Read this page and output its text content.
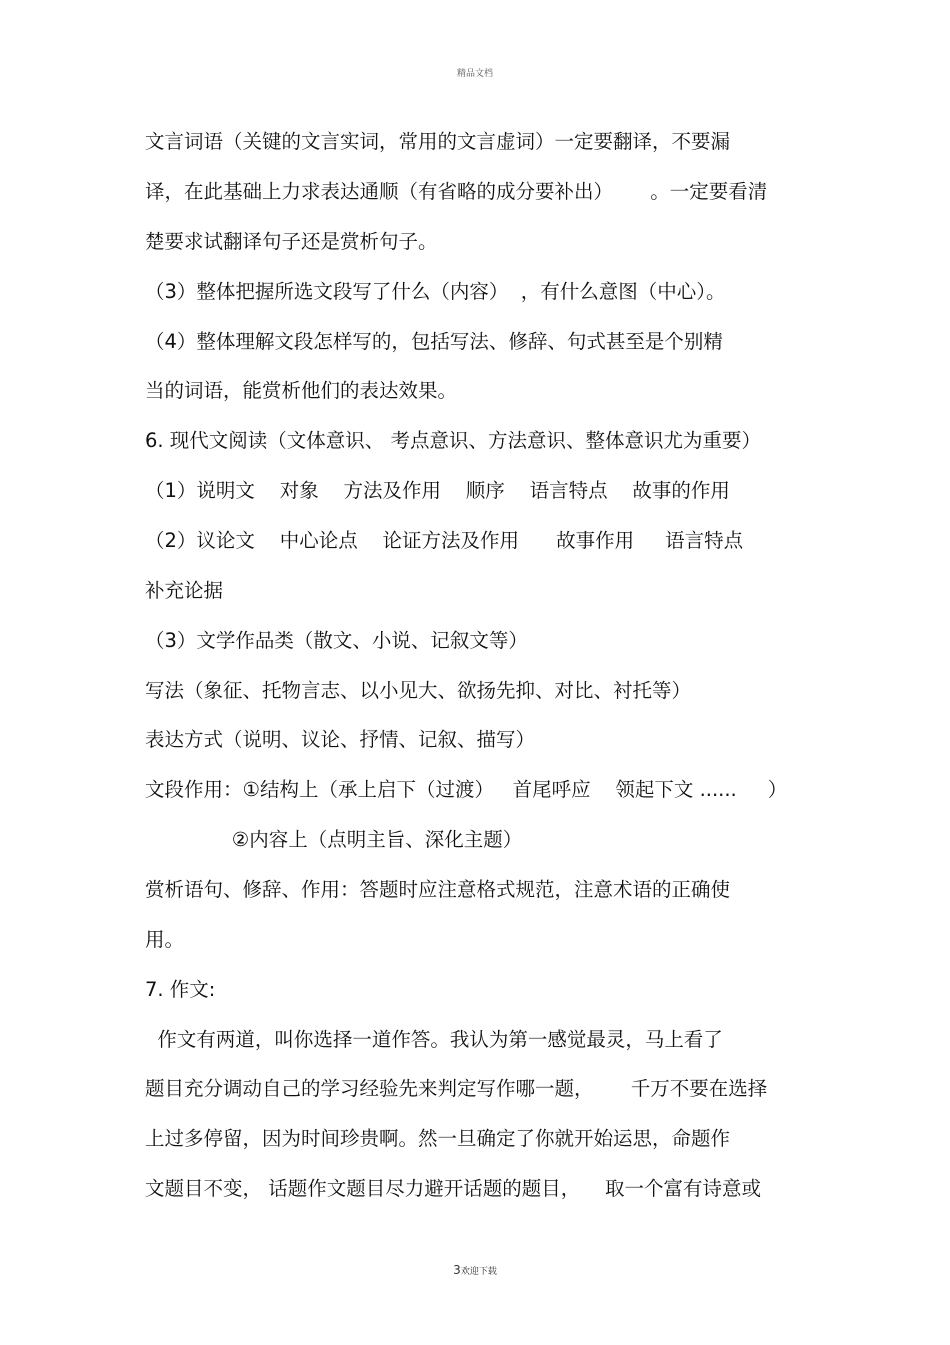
精品文档
文言词语（关键的文言实词，常用的文言虚词）一定要翻译，不要漏
译，在此基础上力求表达通顺（有省略的成分要补出）      。一定要看清
楚要求试翻译句子还是赏析句子。
（3）整体把握所选文段写了什么（内容）  ，有什么意图（中心）。
（4）整体理解文段怎样写的，包括写法、修辞、句式甚至是个别精
当的词语，能赏析他们的表达效果。
6. 现代文阅读（文体意识、 考点意识、方法意识、整体意识尤为重要）
（1）说明文    对象    方法及作用    顺序    语言特点    故事的作用
（2）议论文    中心论点    论证方法及作用      故事作用     语言特点
补充论据
（3）文学作品类（散文、小说、记叙文等）
写法（象征、托物言志、以小见大、欲扬先抑、对比、衬托等）
表达方式（说明、议论、抒情、记叙、描写）
文段作用：①结构上（承上启下（过渡）   首尾呼应    领起下文 ......     ）
②内容上（点明主旨、深化主题）
赏析语句、修辞、作用：答题时应注意格式规范，注意术语的正确使
用。
7. 作文:
作文有两道，叫你选择一道作答。我认为第一感觉最灵，马上看了
题目充分调动自己的学习经验先来判定写作哪一题，      千万不要在选择
上过多停留，因为时间珍贵啊。然一旦确定了你就开始运思，命题作
文题目不变， 话题作文题目尽力避开话题的题目，    取一个富有诗意或
3欢迎下载
